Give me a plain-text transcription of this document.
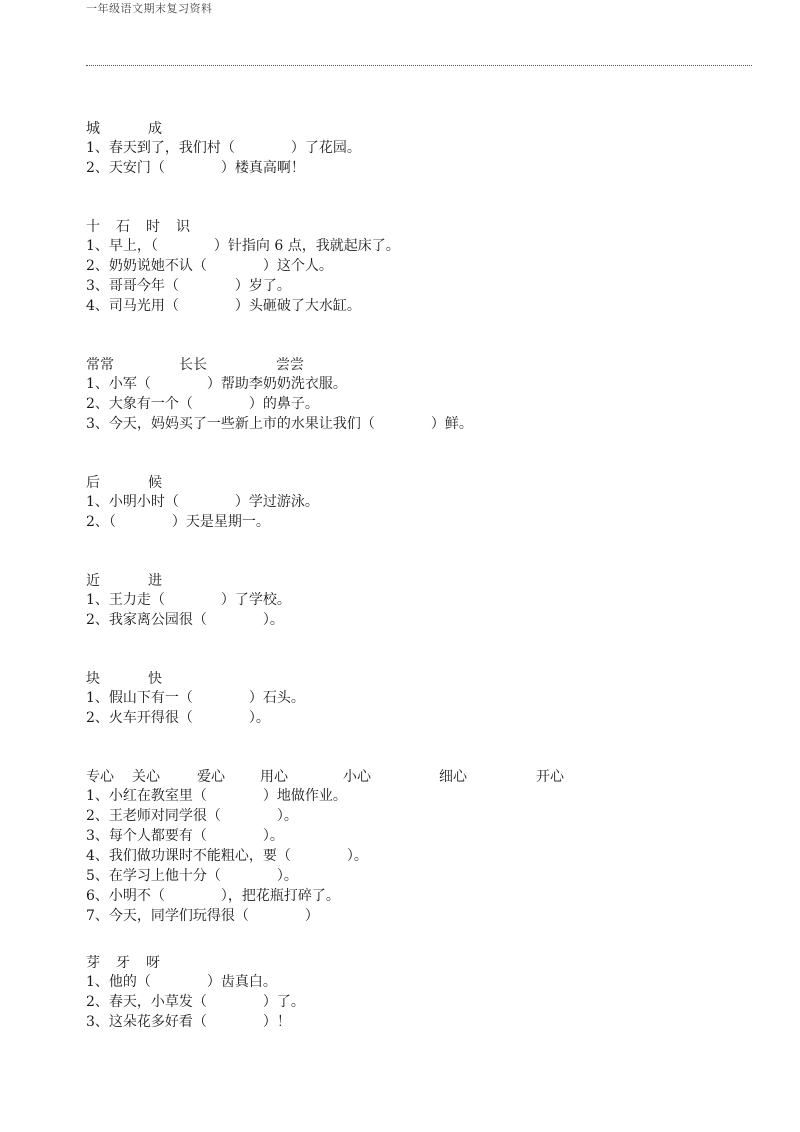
一年级语文期末复习资料
城	成
1、春天到了，我们村（　　　　）了花园。
2、天安门（　　　　）楼真高啊！
十 石 时 识
1、早上，（　　　　）针指向 6 点，我就起床了。
2、奶奶说她不认（　　　　）这个人。
3、哥哥今年（　　　　）岁了。
4、司马光用（　　　　）头砸破了大水缸。
常常	长长	尝尝
1、小军（　　　　）帮助李奶奶洗衣服。
2、大象有一个（　　　　）的鼻子。
3、今天，妈妈买了一些新上市的水果让我们（　　　　）鲜。
后	候
1、小明小时（　　　　）学过游泳。
2、（　　　　）天是星期一。
近	进
1、王力走（　　　　）了学校。
2、我家离公园很（　　　　）。
块	快
1、假山下有一（　　　　）石头。
2、火车开得很（　　　　）。
专心 关心	爱心	用心	小心	细心	开心
1、小红在教室里（　　　　）地做作业。
2、王老师对同学很（　　　　）。
3、每个人都要有（　　　　）。
4、我们做功课时不能粗心，要（　　　　）。
5、在学习上他十分（　　　　）。
6、小明不（　　　　），把花瓶打碎了。
7、今天，同学们玩得很（　　　　）
芽 牙 呀
1、他的（　　　　）齿真白。
2、春天，小草发（　　　　）了。
3、这朵花多好看（　　　　）！
